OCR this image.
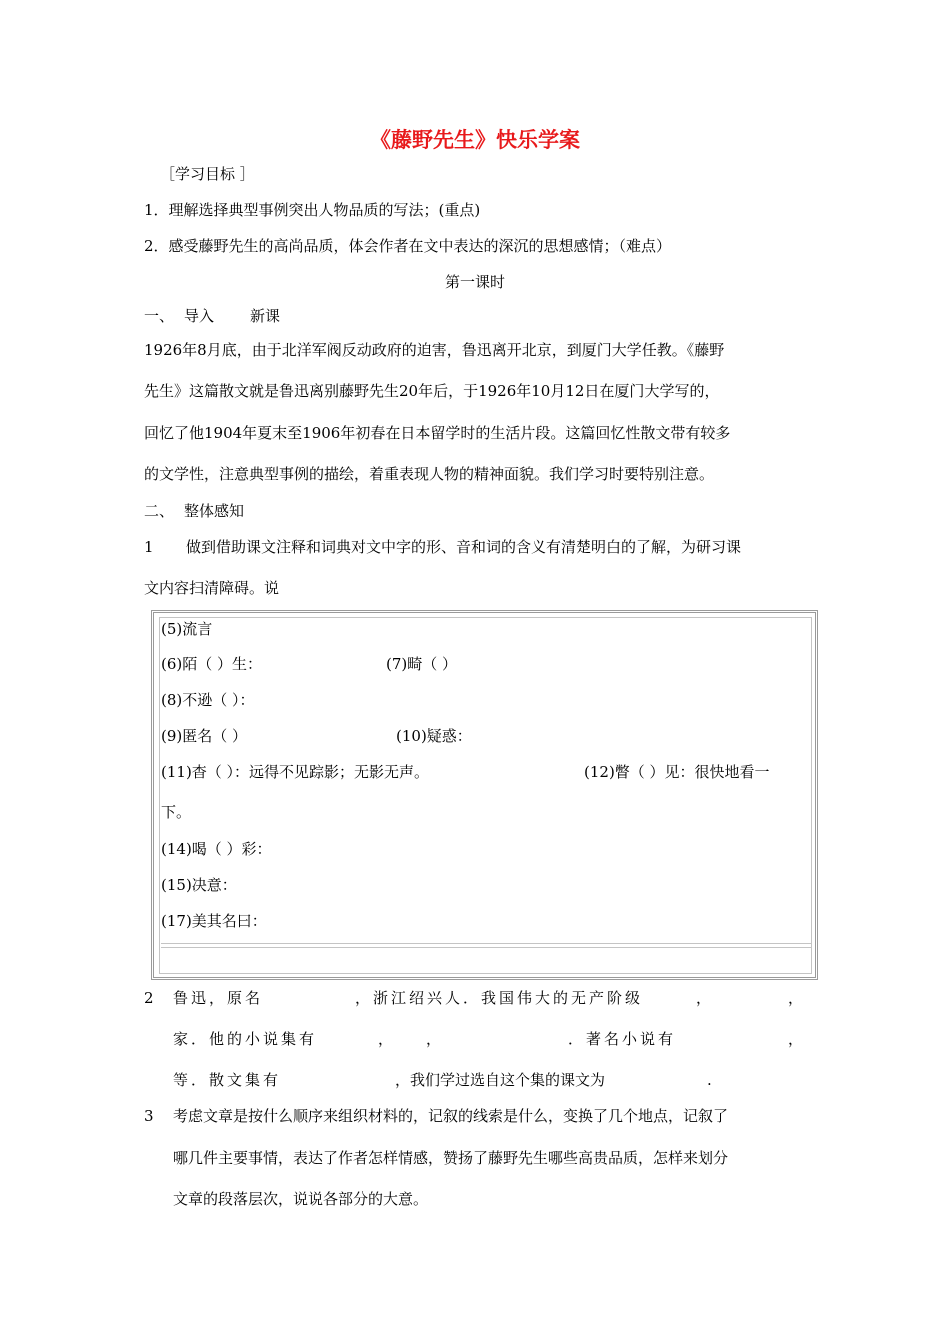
《藤野先生》快乐学案
［学习目标 ］
1．理解选择典型事例突出人物品质的写法；(重点)
2．感受藤野先生的高尚品质，体会作者在文中表达的深沉的思想感情；（难点）
第一课时
一、 导入 新课
1926年8月底，由于北洋军阀反动政府的迫害，鲁迅离开北京，到厦门大学任教。《藤野
先生》这篇散文就是鲁迅离别藤野先生20年后，于1926年10月12日在厦门大学写的，
回忆了他1904年夏末至1906年初春在日本留学时的生活片段。这篇回忆性散文带有较多
的文学性，注意典型事例的描绘，着重表现人物的精神面貌。我们学习时要特别注意。
二、 整体感知
1 做到借助课文注释和词典对文中字的形、音和词的含义有清楚明白的了解，为研习课
文内容扫清障碍。说
(5)流言
(6)陌（ ）生：	(7)畸（ ）
(8)不逊（ ）：
(9)匿名（ ）	(10)疑惑：
(11)杳（ ）：远得不见踪影；无影无声。	(12)瞥（ ）见：很快地看一
下。
(14)喝（ ）彩：
(15)决意：
(17)美其名曰：
2 鲁迅，原名	，浙江绍兴人．我国伟大的无产阶级	，	，
家．他的小说集有	， ，	．著名小说有	，
等．散文集有	，我们学过选自这个集的课文为	.
3 考虑文章是按什么顺序来组织材料的，记叙的线索是什么，变换了几个地点，记叙了
哪几件主要事情，表达了作者怎样情感，赞扬了藤野先生哪些高贵品质，怎样来划分
文章的段落层次，说说各部分的大意。
